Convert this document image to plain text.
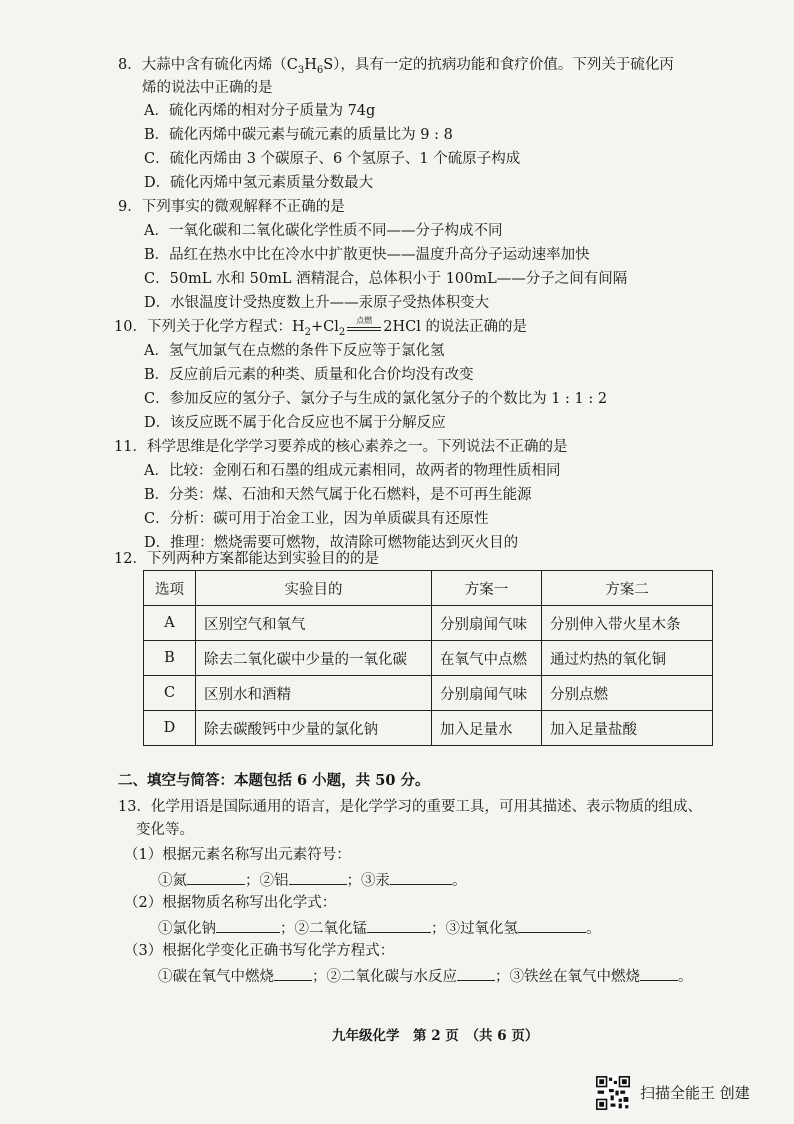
8．大蒜中含有硫化丙烯$(C_3H_6S)$，具有一定的抗病功能和食疗价值。下列关于硫化丙
烯的说法中正确的是
A．硫化丙烯的相对分子质量为 74g
B．硫化丙烯中碳元素与硫元素的质量比为 9 : 8
C．硫化丙烯由 3 个碳原子、6 个氢原子、1 个硫原子构成
D．硫化丙烯中氢元素质量分数最大
9．下列事实的微观解释不正确的是
A．一氧化碳和二氧化碳化学性质不同——分子构成不同
B．品红在热水中比在冷水中扩散更快——温度升高分子运动速率加快
C．50mL 水和 50mL 酒精混合，总体积小于 100mL——分子之间有间隔
D．水银温度计受热度数上升——汞原子受热体积变大
10．下列关于化学方程式：$H_2+Cl_2$
点燃 2HCl 的说法正确的是
A．氢气加氯气在点燃的条件下反应等于氯化氢
B．反应前后元素的种类、质量和化合价均没有改变
C．参加反应的氢分子、氯分子与生成的氯化氢分子的个数比为 1 : 1 : 2
D．该反应既不属于化合反应也不属于分解反应
11．科学思维是化学学习要养成的核心素养之一。下列说法不正确的是
A．比较：金刚石和石墨的组成元素相同，故两者的物理性质相同
B．分类：煤、石油和天然气属于化石燃料，是不可再生能源
C．分析：碳可用于冶金工业，因为单质碳具有还原性
D．推理：燃烧需要可燃物，故清除可燃物能达到灭火目的
12．下列两种方案都能达到实验目的的是
选项	实验目的	方案一	方案二
A	区别空气和氧气	分别扇闻气味	分别伸入带火星木条
B	除去二氧化碳中少量的一氧化碳	在氧气中点燃	通过灼热的氧化铜
C	区别水和酒精	分别扇闻气味	分别点燃
D	除去碳酸钙中少量的氯化钠	加入足量水	加入足量盐酸
二、填空与简答：本题包括 6 小题，共 50 分。
13．化学用语是国际通用的语言，是化学学习的重要工具，可用其描述、表示物质的组成、
变化等。
（1）根据元素名称写出元素符号：
①氮	；②铝	；③汞	。
（2）根据物质名称写出化学式：
①氯化钠	；②二氧化锰	；③过氧化氢	。
（3）根据化学变化正确书写化学方程式：
①碳在氧气中燃烧	；②二氧化碳与水反应	；③铁丝在氧气中燃烧	。
九年级化学　第 2 页　（共 6 页）
扫描全能王 创建
